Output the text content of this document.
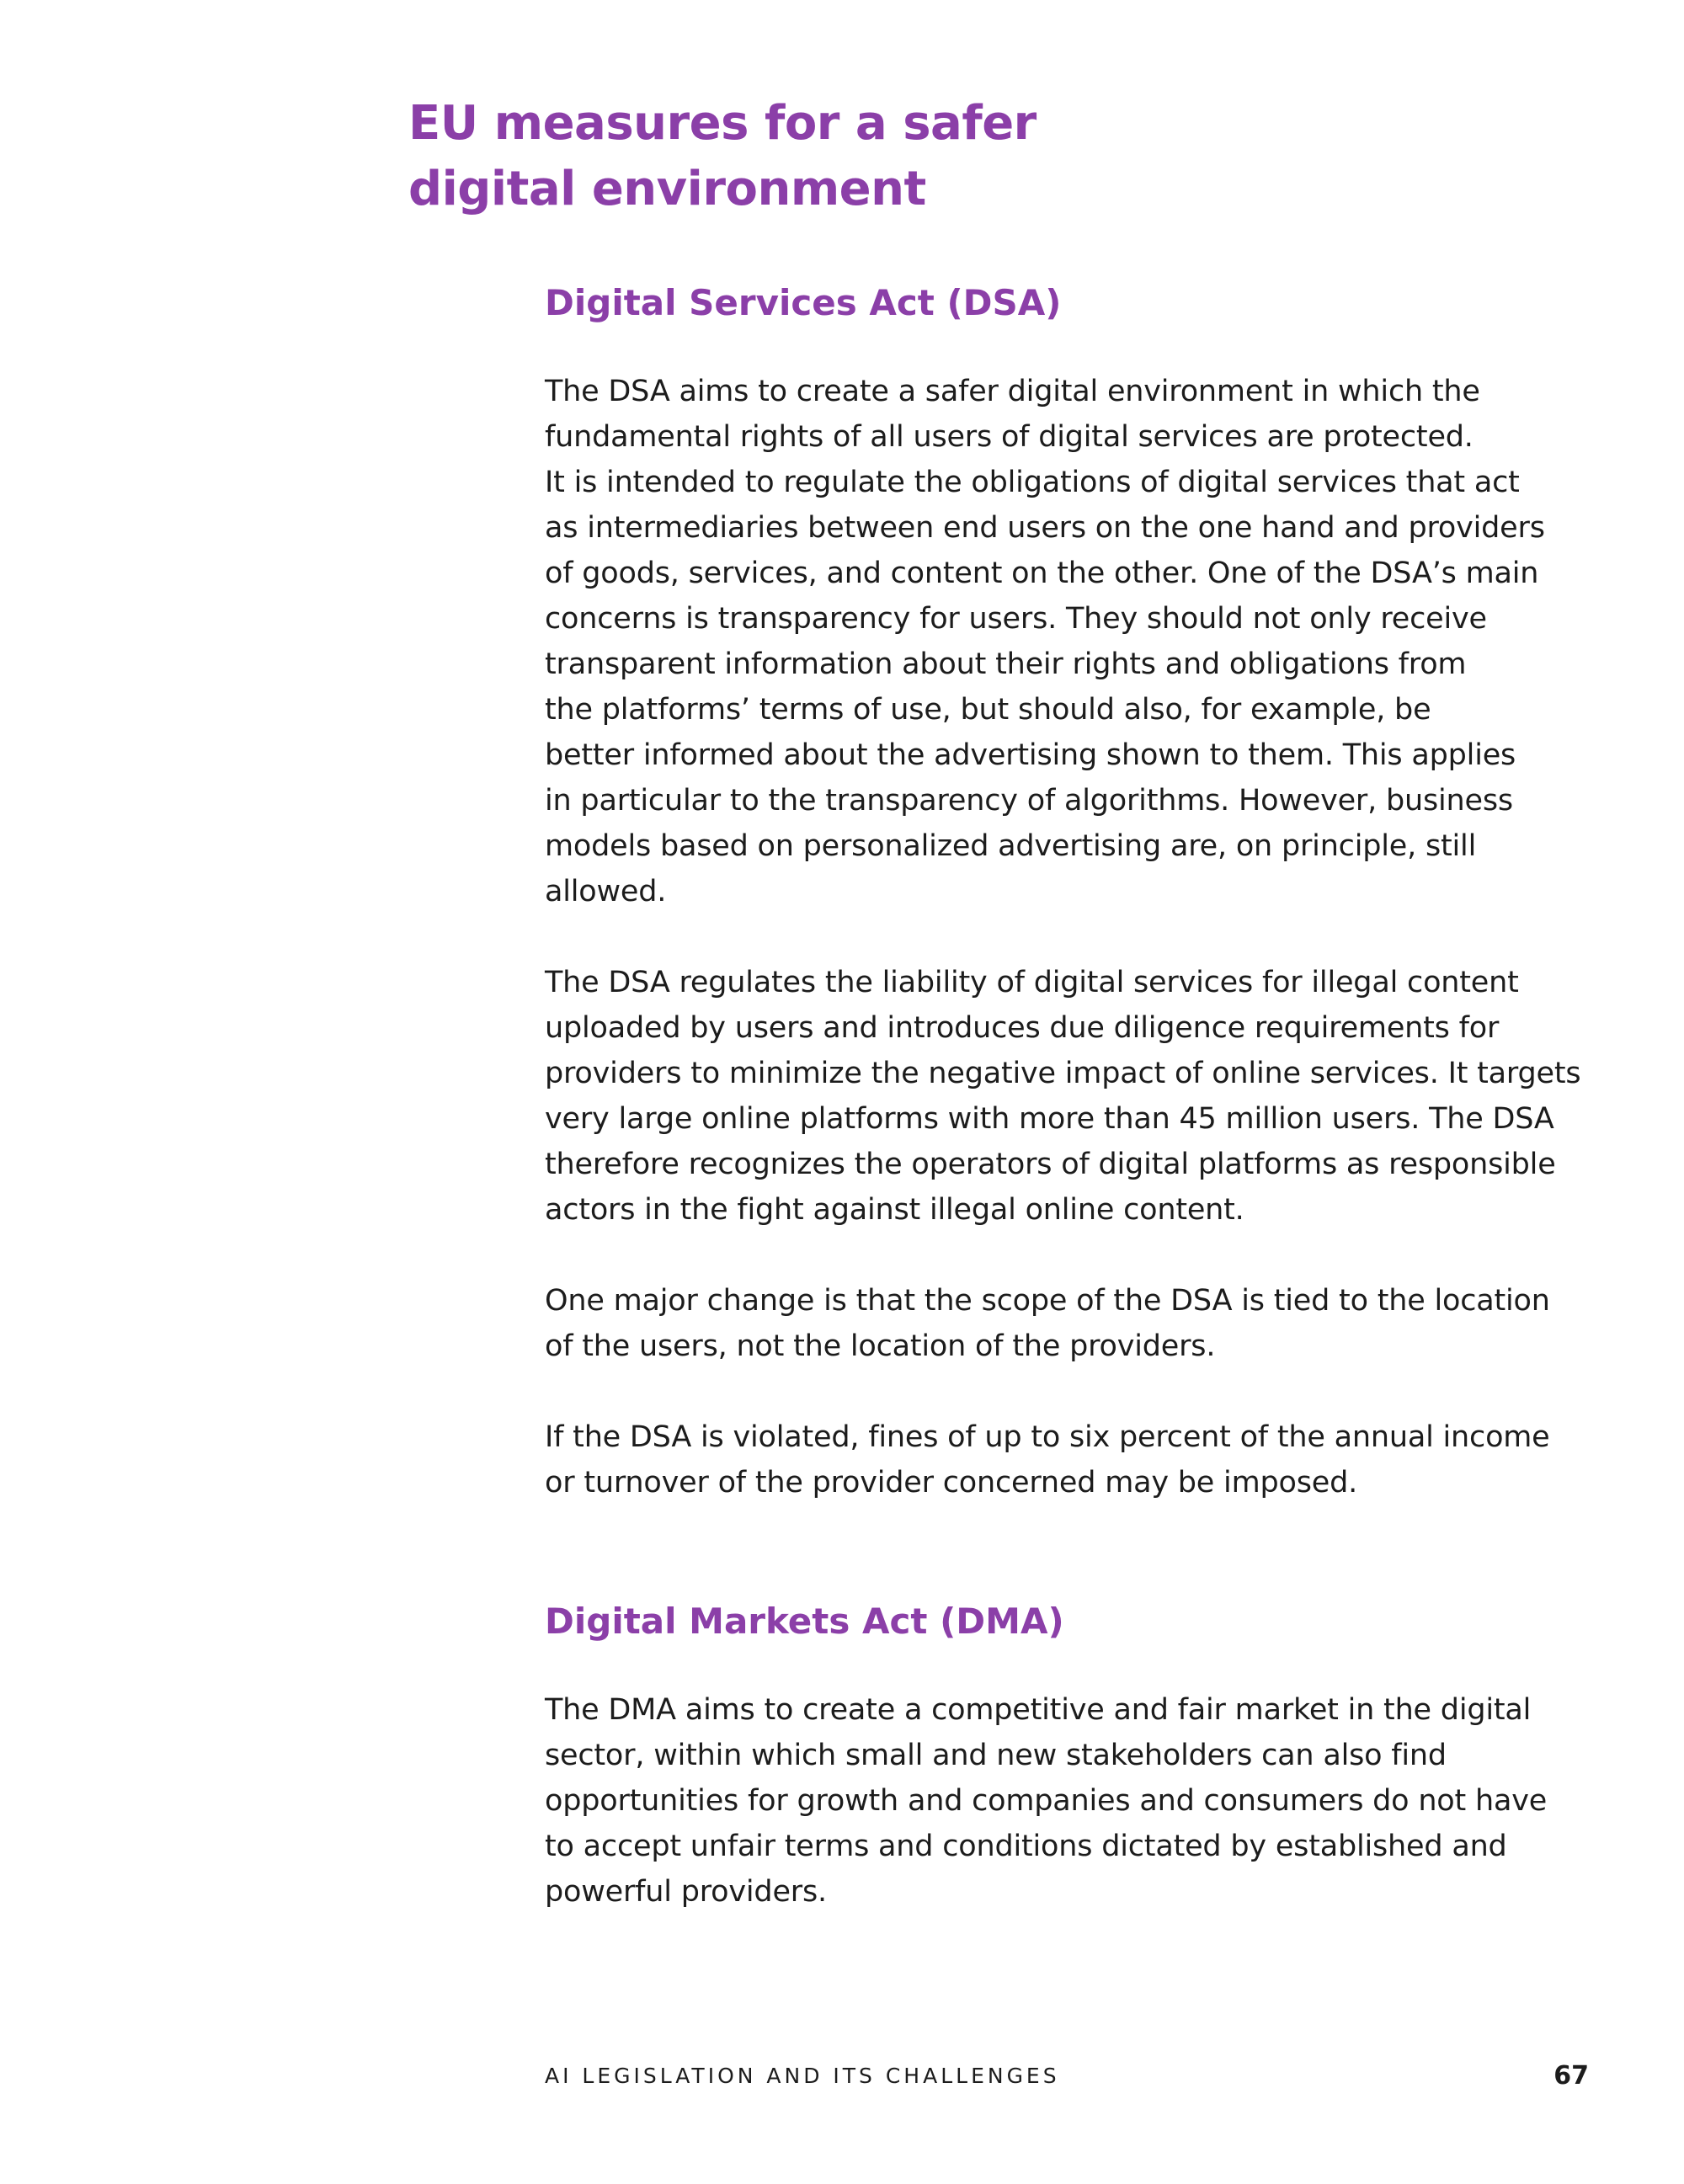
EU measures for a safer
digital environment
Digital Services Act (DSA)

The DSA aims to create a safer digital environment in which the
fundamental rights of all users of digital services are protected.
It is intended to regulate the obligations of digital services that act
as intermediaries between end users on the one hand and providers
of goods, services, and content on the other. One of the DSA’s main
concerns is transparency for users. They should not only receive
transparent information about their rights and obligations from
the platforms’ terms of use, but should also, for example, be
better informed about the advertising shown to them. This applies
in particular to the transparency of algorithms. However, business
models based on personalized advertising are, on principle, still
allowed.

The DSA regulates the liability of digital services for illegal content
uploaded by users and introduces due diligence requirements for
providers to minimize the negative impact of online services. It targets
very large online platforms with more than 45 million users. The DSA
therefore recognizes the operators of digital platforms as responsible
actors in the fight against illegal online content.

One major change is that the scope of the DSA is tied to the location
of the users, not the location of the providers.

If the DSA is violated, fines of up to six percent of the annual income
or turnover of the provider concerned may be imposed.

Digital Markets Act (DMA)

The DMA aims to create a competitive and fair market in the digital
sector, within which small and new stakeholders can also find
opportunities for growth and companies and consumers do not have
to accept unfair terms and conditions dictated by established and
powerful providers.

AI LEGISLATION AND ITS CHALLENGES	67
